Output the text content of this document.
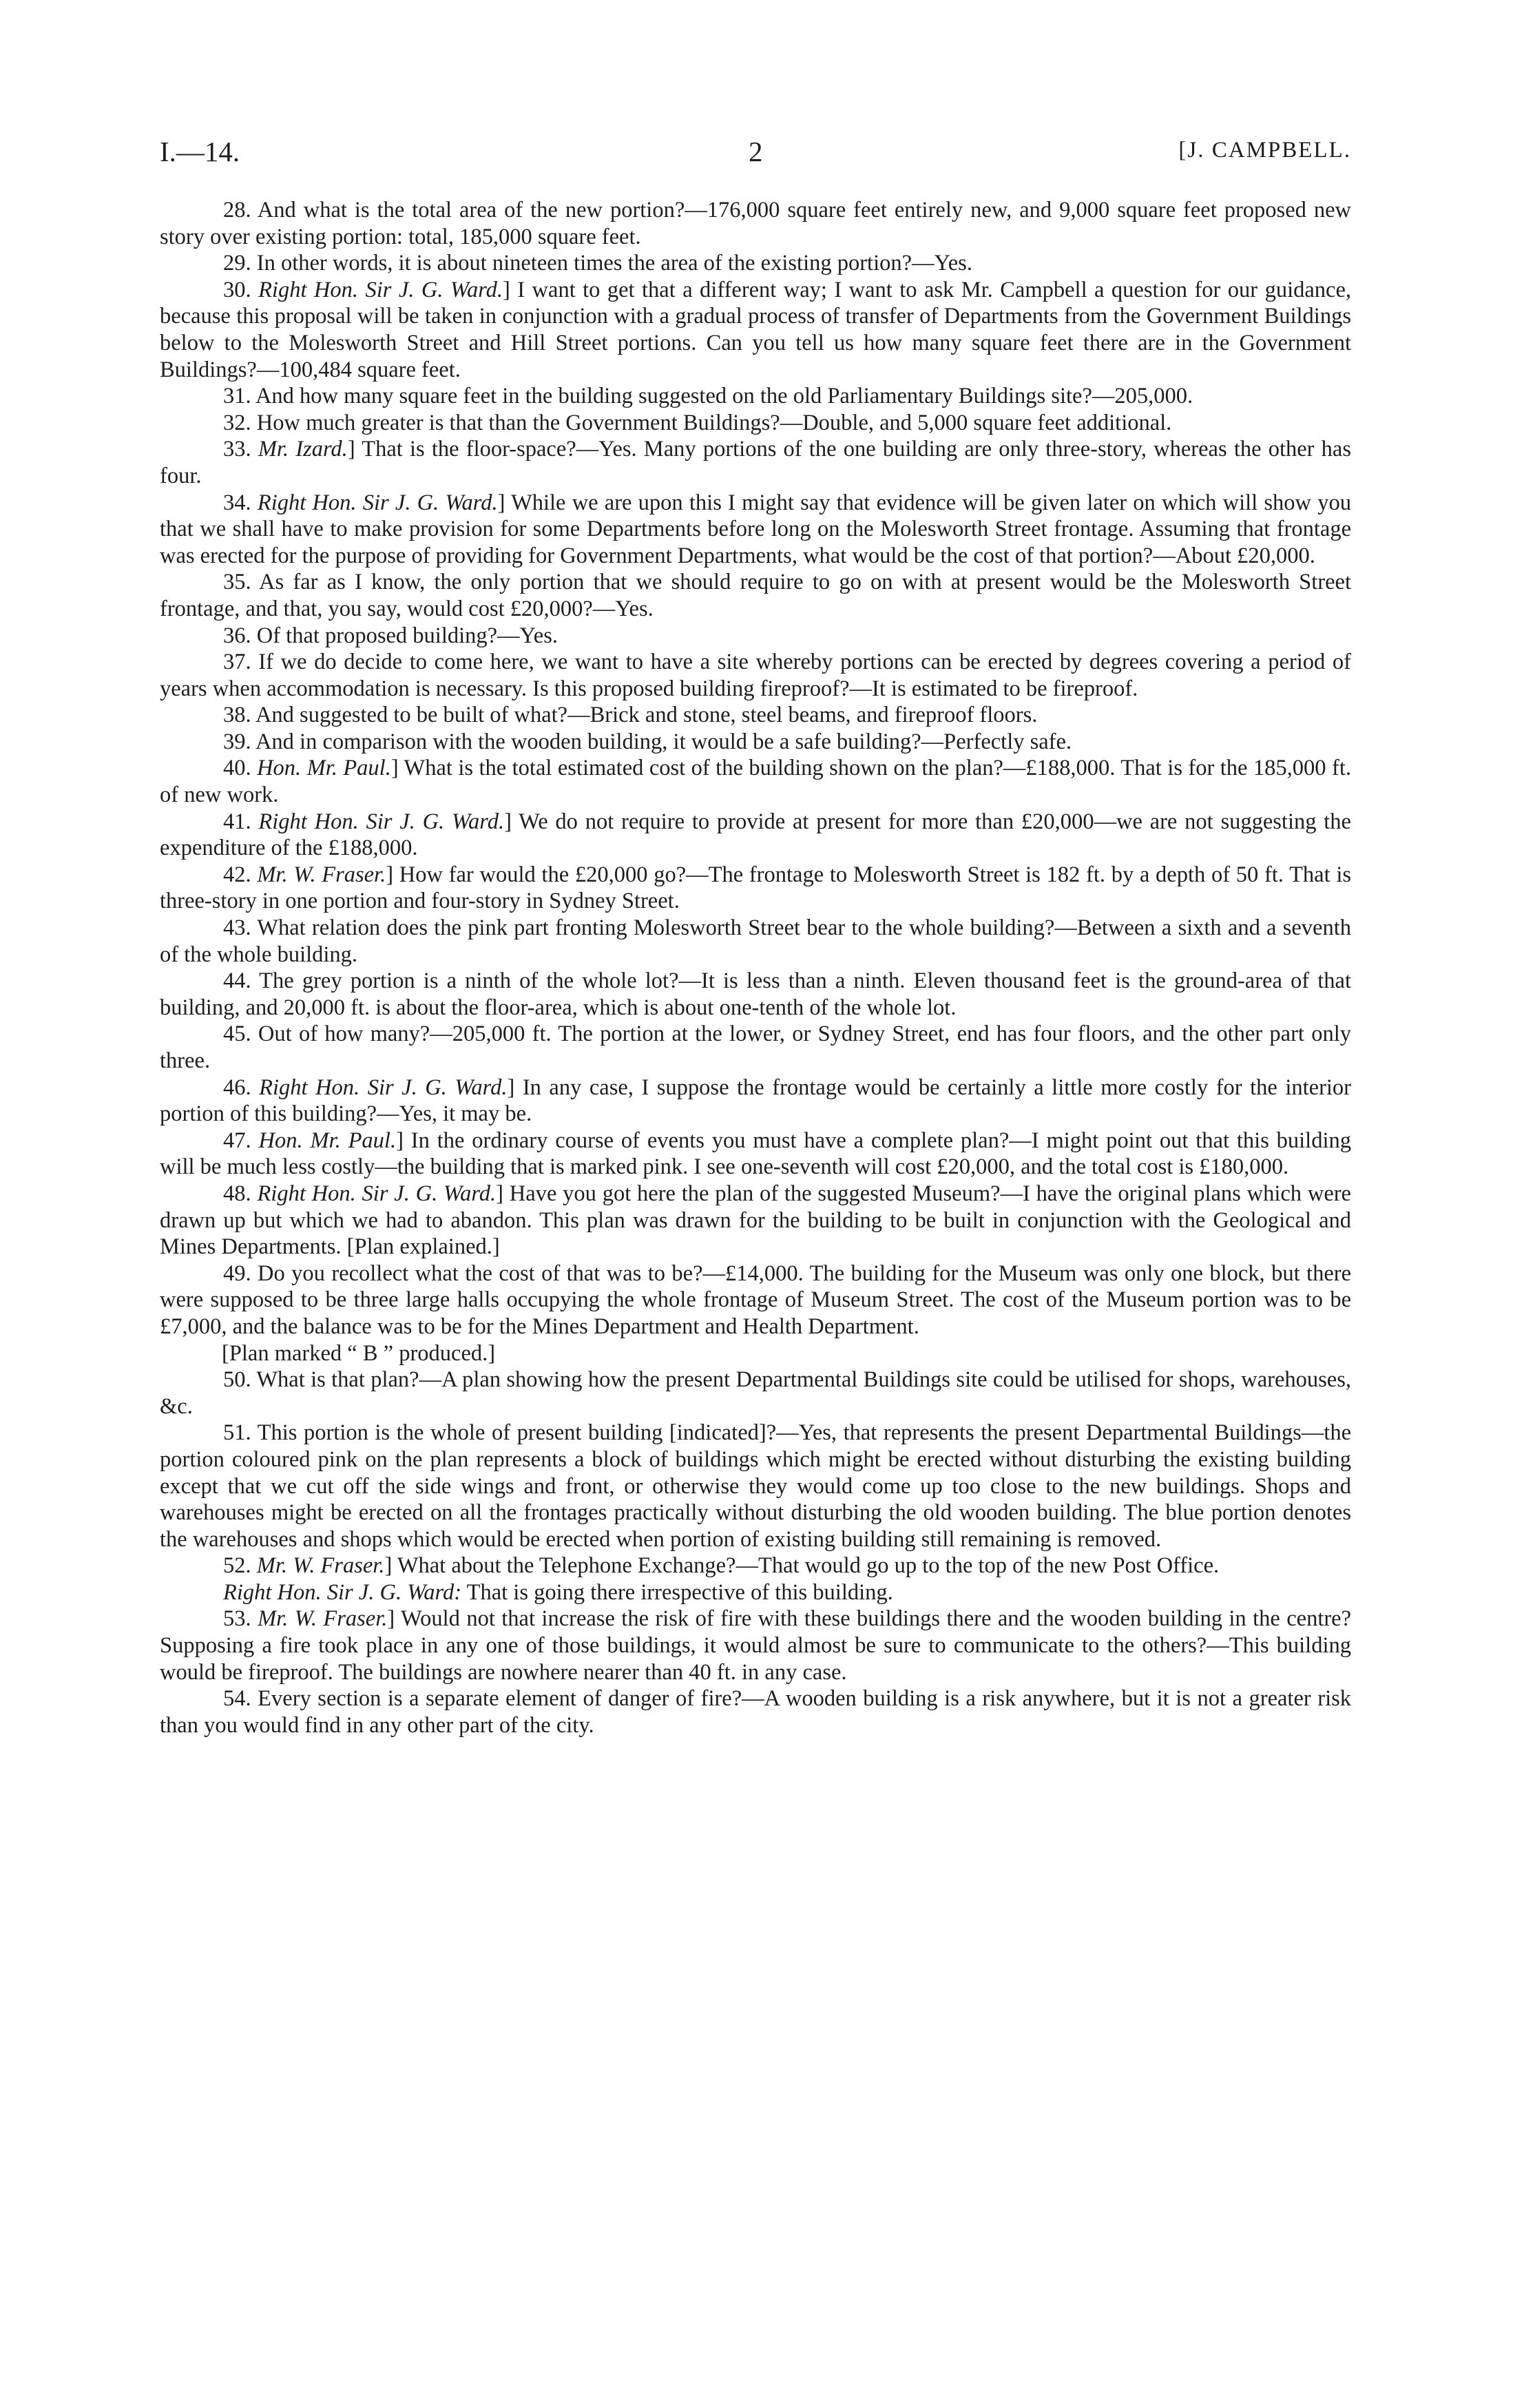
I.—14.	2	[J. CAMPBELL.

28. And what is the total area of the new portion?—176,000 square feet entirely new, and 9,000 square feet proposed new story over existing portion: total, 185,000 square feet.

29. In other words, it is about nineteen times the area of the existing portion?—Yes.

30. Right Hon. Sir J. G. Ward.] I want to get that a different way; I want to ask Mr. Campbell a question for our guidance, because this proposal will be taken in conjunction with a gradual process of transfer of Departments from the Government Buildings below to the Molesworth Street and Hill Street portions. Can you tell us how many square feet there are in the Government Buildings?—100,484 square feet.

31. And how many square feet in the building suggested on the old Parliamentary Buildings site?—205,000.

32. How much greater is that than the Government Buildings?—Double, and 5,000 square feet additional.

33. Mr. Izard.] That is the floor-space?—Yes. Many portions of the one building are only three-story, whereas the other has four.

34. Right Hon. Sir J. G. Ward.] While we are upon this I might say that evidence will be given later on which will show you that we shall have to make provision for some Departments before long on the Molesworth Street frontage. Assuming that frontage was erected for the purpose of providing for Government Departments, what would be the cost of that portion?—About £20,000.

35. As far as I know, the only portion that we should require to go on with at present would be the Molesworth Street frontage, and that, you say, would cost £20,000?—Yes.

36. Of that proposed building?—Yes.

37. If we do decide to come here, we want to have a site whereby portions can be erected by degrees covering a period of years when accommodation is necessary. Is this proposed building fireproof?—It is estimated to be fireproof.

38. And suggested to be built of what?—Brick and stone, steel beams, and fireproof floors.

39. And in comparison with the wooden building, it would be a safe building?—Perfectly safe.

40. Hon. Mr. Paul.] What is the total estimated cost of the building shown on the plan?—£188,000. That is for the 185,000 ft. of new work.

41. Right Hon. Sir J. G. Ward.] We do not require to provide at present for more than £20,000—we are not suggesting the expenditure of the £188,000.

42. Mr. W. Fraser.] How far would the £20,000 go?—The frontage to Molesworth Street is 182 ft. by a depth of 50 ft. That is three-story in one portion and four-story in Sydney Street.

43. What relation does the pink part fronting Molesworth Street bear to the whole building?—Between a sixth and a seventh of the whole building.

44. The grey portion is a ninth of the whole lot?—It is less than a ninth. Eleven thousand feet is the ground-area of that building, and 20,000 ft. is about the floor-area, which is about one-tenth of the whole lot.

45. Out of how many?—205,000 ft. The portion at the lower, or Sydney Street, end has four floors, and the other part only three.

46. Right Hon. Sir J. G. Ward.] In any case, I suppose the frontage would be certainly a little more costly for the interior portion of this building?—Yes, it may be.

47. Hon. Mr. Paul.] In the ordinary course of events you must have a complete plan?—I might point out that this building will be much less costly—the building that is marked pink. I see one-seventh will cost £20,000, and the total cost is £180,000.

48. Right Hon. Sir J. G. Ward.] Have you got here the plan of the suggested Museum?—I have the original plans which were drawn up but which we had to abandon. This plan was drawn for the building to be built in conjunction with the Geological and Mines Departments. [Plan explained.]

49. Do you recollect what the cost of that was to be?—£14,000. The building for the Museum was only one block, but there were supposed to be three large halls occupying the whole frontage of Museum Street. The cost of the Museum portion was to be £7,000, and the balance was to be for the Mines Department and Health Department.

[Plan marked “ B ” produced.]

50. What is that plan?—A plan showing how the present Departmental Buildings site could be utilised for shops, warehouses, &c.

51. This portion is the whole of present building [indicated]?—Yes, that represents the present Departmental Buildings—the portion coloured pink on the plan represents a block of buildings which might be erected without disturbing the existing building except that we cut off the side wings and front, or otherwise they would come up too close to the new buildings. Shops and warehouses might be erected on all the frontages practically without disturbing the old wooden building. The blue portion denotes the warehouses and shops which would be erected when portion of existing building still remaining is removed.

52. Mr. W. Fraser.] What about the Telephone Exchange?—That would go up to the top of the new Post Office.

Right Hon. Sir J. G. Ward: That is going there irrespective of this building.

53. Mr. W. Fraser.] Would not that increase the risk of fire with these buildings there and the wooden building in the centre? Supposing a fire took place in any one of those buildings, it would almost be sure to communicate to the others?—This building would be fireproof. The buildings are nowhere nearer than 40 ft. in any case.

54. Every section is a separate element of danger of fire?—A wooden building is a risk anywhere, but it is not a greater risk than you would find in any other part of the city.
